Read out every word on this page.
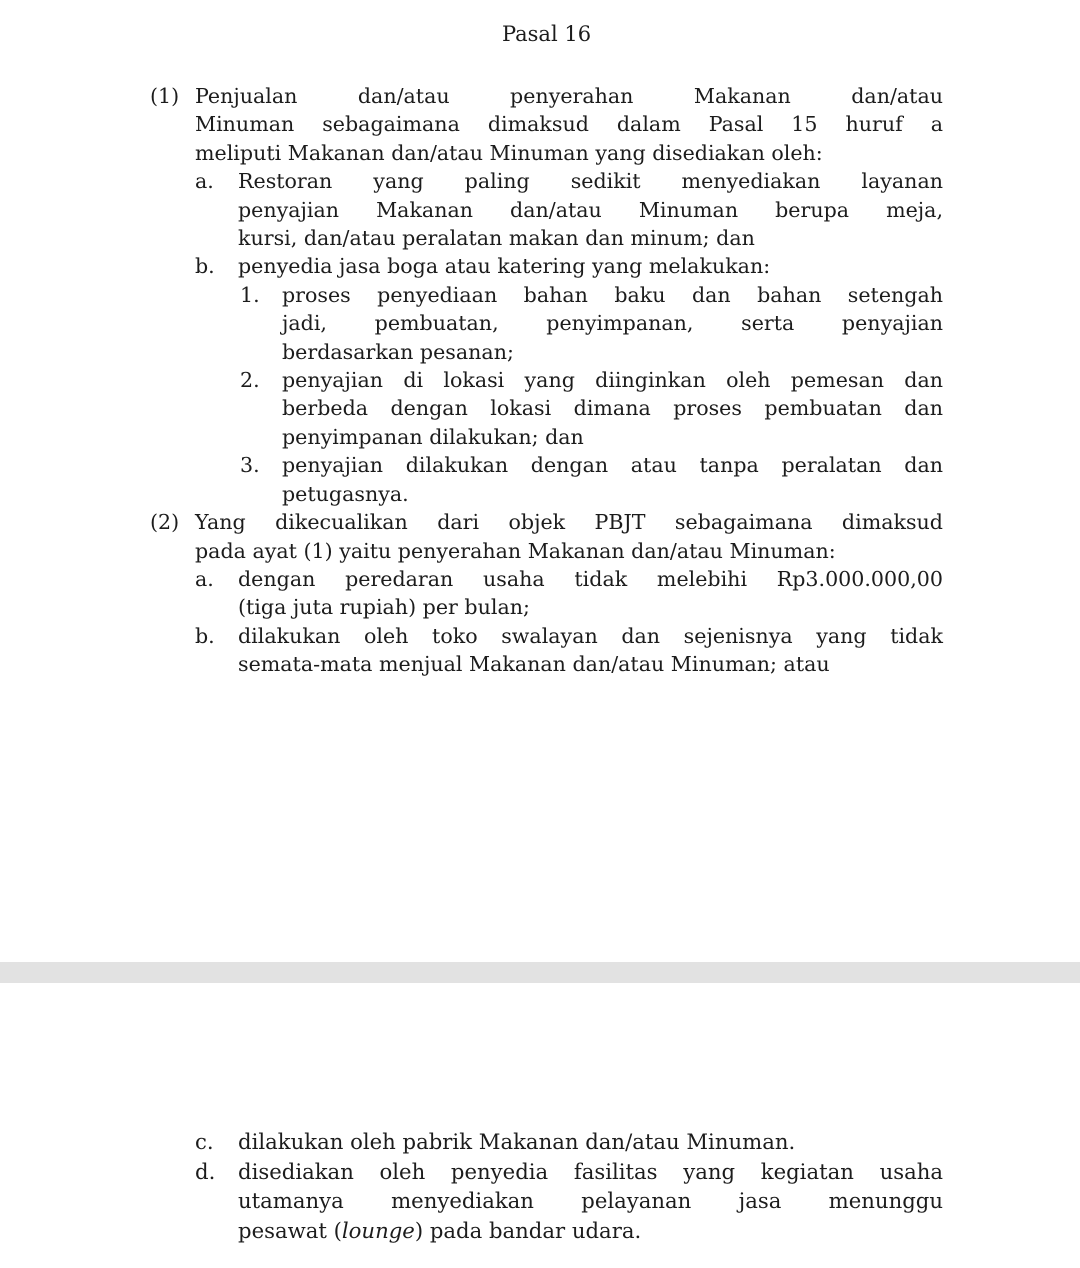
Pasal 16
(1) Penjualan dan/atau penyerahan Makanan dan/atau
Minuman sebagaimana dimaksud dalam Pasal 15 huruf a
meliputi Makanan dan/atau Minuman yang disediakan oleh:
a.	Restoran yang paling sedikit menyediakan layanan
penyajian Makanan dan/atau Minuman berupa meja,
kursi, dan/atau peralatan makan dan minum; dan
b.	penyedia jasa boga atau katering yang melakukan:
1.	proses penyediaan bahan baku dan bahan setengah
jadi, pembuatan, penyimpanan, serta penyajian
berdasarkan pesanan;
2.	penyajian di lokasi yang diinginkan oleh pemesan dan
berbeda dengan lokasi dimana proses pembuatan dan
penyimpanan dilakukan; dan
3.	penyajian dilakukan dengan atau tanpa peralatan dan
petugasnya.
(2) Yang dikecualikan dari objek PBJT sebagaimana dimaksud
pada ayat (1) yaitu penyerahan Makanan dan/atau Minuman:
a.	dengan peredaran usaha tidak melebihi Rp3.000.000,00
(tiga juta rupiah) per bulan;
b.	dilakukan oleh toko swalayan dan sejenisnya yang tidak
semata-mata menjual Makanan dan/atau Minuman; atau
c.	dilakukan oleh pabrik Makanan dan/atau Minuman.
d.	disediakan oleh penyedia fasilitas yang kegiatan usaha
utamanya menyediakan pelayanan jasa menunggu
pesawat (lounge) pada bandar udara.
